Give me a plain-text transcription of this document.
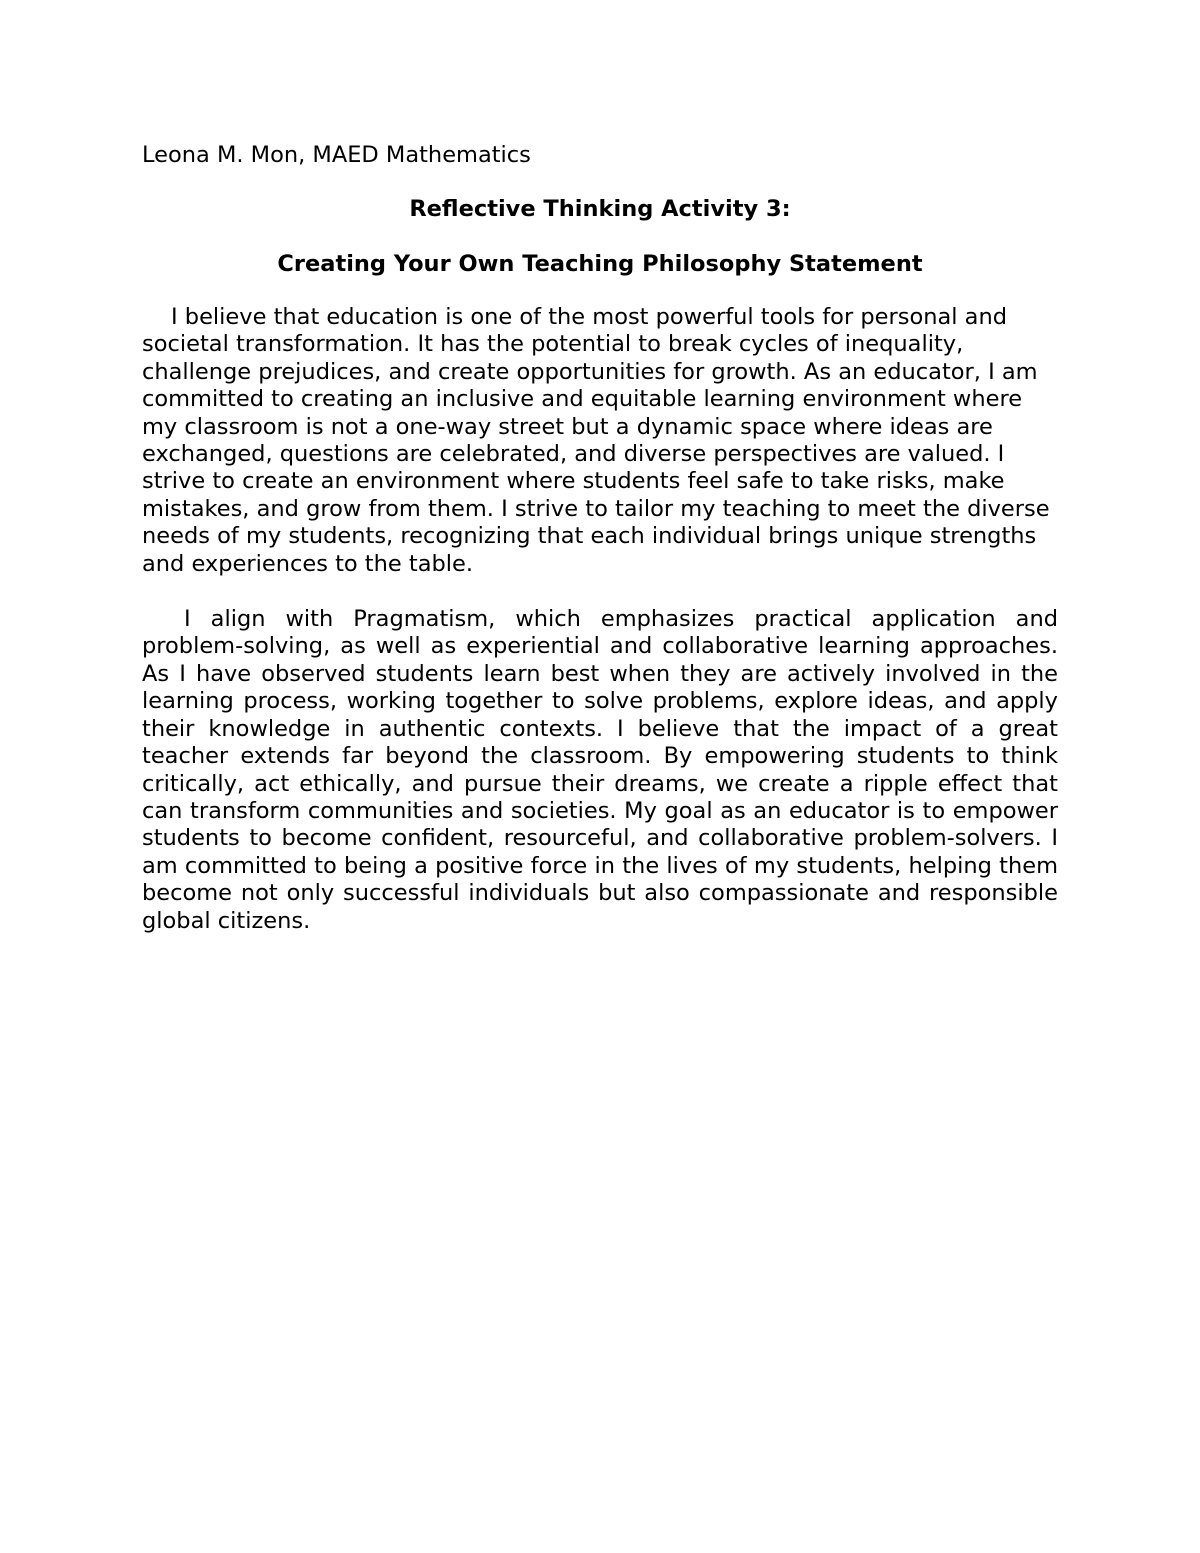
Leona M. Mon, MAED Mathematics

Reflective Thinking Activity 3:
Creating Your Own Teaching Philosophy Statement

I believe that education is one of the most powerful tools for personal and societal transformation. It has the potential to break cycles of inequality, challenge prejudices, and create opportunities for growth. As an educator, I am committed to creating an inclusive and equitable learning environment where my classroom is not a one-way street but a dynamic space where ideas are exchanged, questions are celebrated, and diverse perspectives are valued. I strive to create an environment where students feel safe to take risks, make mistakes, and grow from them. I strive to tailor my teaching to meet the diverse needs of my students, recognizing that each individual brings unique strengths and experiences to the table.

I align with Pragmatism, which emphasizes practical application and problem-solving, as well as experiential and collaborative learning approaches. As I have observed students learn best when they are actively involved in the learning process, working together to solve problems, explore ideas, and apply their knowledge in authentic contexts. I believe that the impact of a great teacher extends far beyond the classroom. By empowering students to think critically, act ethically, and pursue their dreams, we create a ripple effect that can transform communities and societies. My goal as an educator is to empower students to become confident, resourceful, and collaborative problem-solvers. I am committed to being a positive force in the lives of my students, helping them become not only successful individuals but also compassionate and responsible global citizens.
